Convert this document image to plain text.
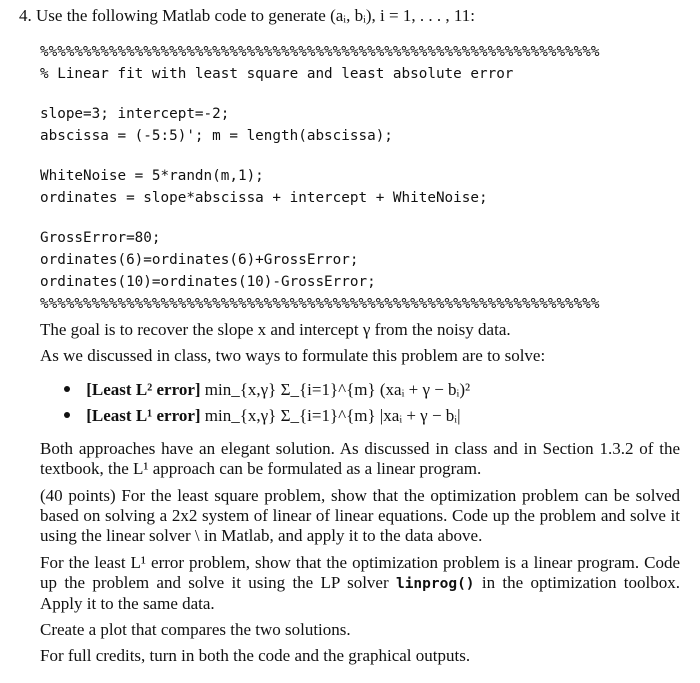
4. Use the following Matlab code to generate (aᵢ, bᵢ), i = 1, . . . , 11:
%%%%%%%%%%%%%%%%%%%%%%%%%%%%%%%%%%%%%%%%%%%%%%%%%%%%%%%%%%%%%%%%%
% Linear fit with least square and least absolute error
slope=3; intercept=-2;
abscissa = (-5:5)'; m = length(abscissa);
WhiteNoise = 5*randn(m,1);
ordinates = slope*abscissa + intercept + WhiteNoise;
GrossError=80;
ordinates(6)=ordinates(6)+GrossError;
ordinates(10)=ordinates(10)-GrossError;
%%%%%%%%%%%%%%%%%%%%%%%%%%%%%%%%%%%%%%%%%%%%%%%%%%%%%%%%%%%%%%%%%
The goal is to recover the slope x and intercept γ from the noisy data.
As we discussed in class, two ways to formulate this problem are to solve:
[Least L² error] min_{x,γ} Σ_{i=1}^{m} (xaᵢ + γ − bᵢ)²
[Least L¹ error] min_{x,γ} Σ_{i=1}^{m} |xaᵢ + γ − bᵢ|
Both approaches have an elegant solution. As discussed in class and in Section 1.3.2 of the textbook, the L¹ approach can be formulated as a linear program.
(40 points) For the least square problem, show that the optimization problem can be solved based on solving a 2x2 system of linear of linear equations. Code up the problem and solve it using the linear solver \ in Matlab, and apply it to the data above.
For the least L¹ error problem, show that the optimization problem is a linear program. Code up the problem and solve it using the LP solver linprog() in the optimization toolbox. Apply it to the same data.
Create a plot that compares the two solutions.
For full credits, turn in both the code and the graphical outputs.
